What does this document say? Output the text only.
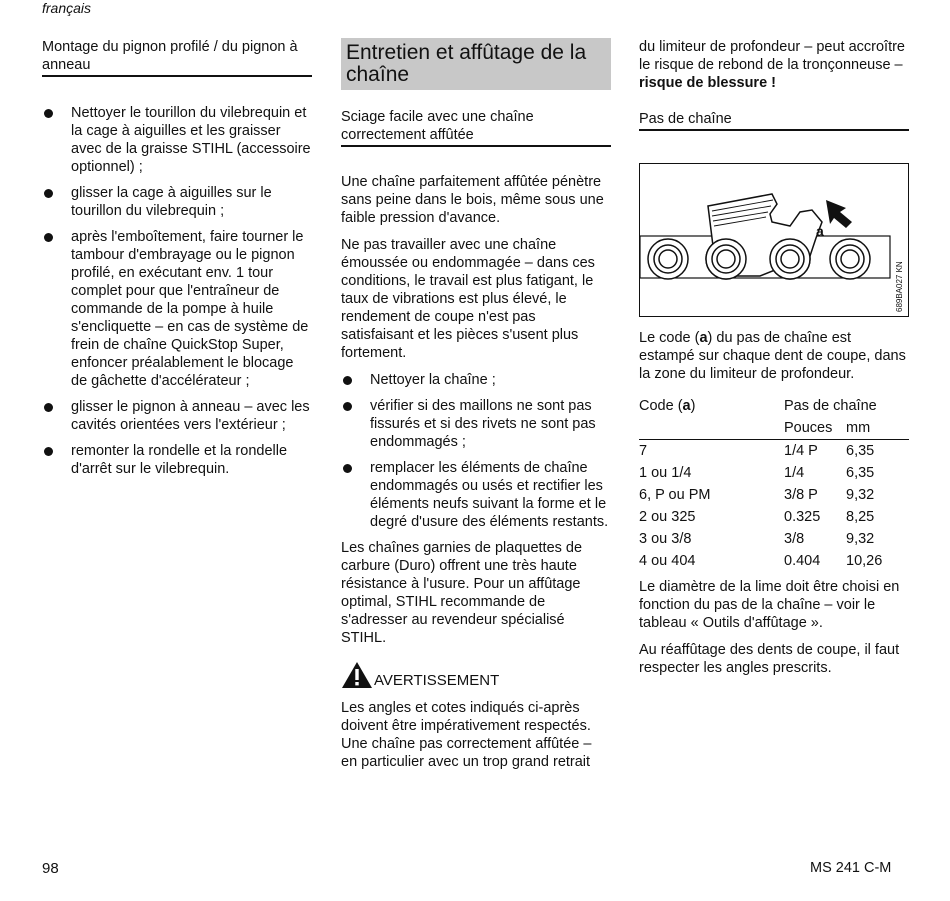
français
Montage du pignon profilé / du pignon à anneau
Nettoyer le tourillon du vilebrequin et la cage à aiguilles et les graisser avec de la graisse STIHL (accessoire optionnel) ;
glisser la cage à aiguilles sur le tourillon du vilebrequin ;
après l'emboîtement, faire tourner le tambour d'embrayage ou le pignon profilé, en exécutant env. 1 tour complet pour que l'entraîneur de commande de la pompe à huile s'encliquette – en cas de système de frein de chaîne QuickStop Super, enfoncer préalablement le blocage de gâchette d'accélérateur ;
glisser le pignon à anneau – avec les cavités orientées vers l'extérieur ;
remonter la rondelle et la rondelle d'arrêt sur le vilebrequin.
Entretien et affûtage de la chaîne
Sciage facile avec une chaîne correctement affûtée

Une chaîne parfaitement affûtée pénètre sans peine dans le bois, même sous une faible pression d'avance.

Ne pas travailler avec une chaîne émoussée ou endommagée – dans ces conditions, le travail est plus fatigant, le taux de vibrations est plus élevé, le rendement de coupe n'est pas satisfaisant et les pièces s'usent plus fortement.

Nettoyer la chaîne ;
vérifier si des maillons ne sont pas fissurés et si des rivets ne sont pas endommagés ;
remplacer les éléments de chaîne endommagés ou usés et rectifier les éléments neufs suivant la forme et le degré d'usure des éléments restants.

Les chaînes garnies de plaquettes de carbure (Duro) offrent une très haute résistance à l'usure. Pour un affûtage optimal, STIHL recommande de s'adresser au revendeur spécialisé STIHL.

AVERTISSEMENT

Les angles et cotes indiqués ci-après doivent être impérativement respectés. Une chaîne pas correctement affûtée – en particulier avec un trop grand retrait

du limiteur de profondeur – peut accroître le risque de rebond de la tronçonneuse – risque de blessure !

Pas de chaîne
a
689BA027 KN

Le code (a) du pas de chaîne est estampé sur chaque dent de coupe, dans la zone du limiteur de profondeur.

Code (a)	Pas de chaîne	
	Pouces	mm
7	1/4 P	6,35
1 ou 1/4	1/4	6,35
6, P ou PM	3/8 P	9,32
2 ou 325	0.325	8,25
3 ou 3/8	3/8	9,32
4 ou 404	0.404	10,26

Le diamètre de la lime doit être choisi en fonction du pas de la chaîne – voir le tableau « Outils d'affûtage ».

Au réaffûtage des dents de coupe, il faut respecter les angles prescrits.

98	MS 241 C-M
